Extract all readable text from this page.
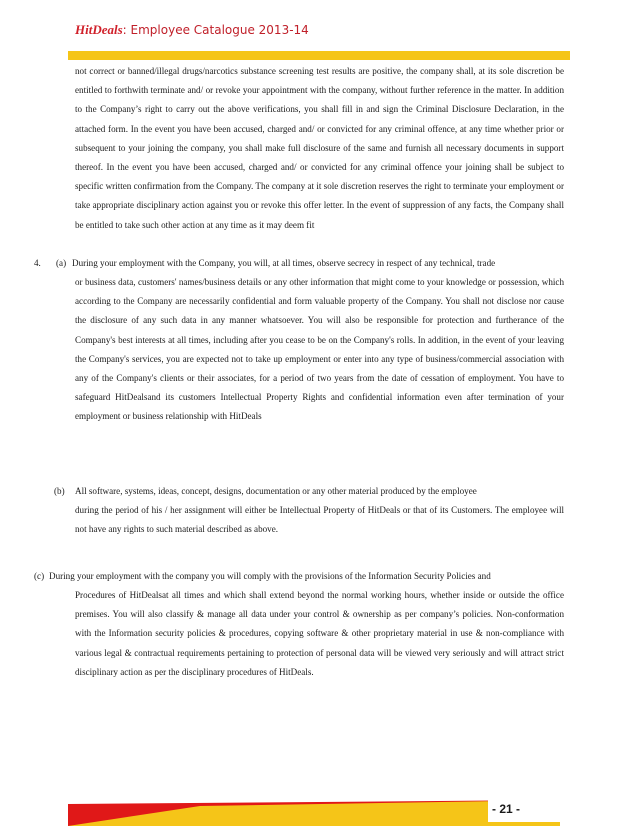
HitDeals: Employee Catalogue 2013-14

not correct or banned/illegal drugs/narcotics substance screening test results are positive, the company shall, at its sole discretion be entitled to forthwith terminate and/ or revoke your appointment with the company, without further reference in the matter. In addition to the Company’s right to carry out the above verifications, you shall fill in and sign the Criminal Disclosure Declaration, in the attached form. In the event you have been accused, charged and/ or convicted for any criminal offence, at any time whether prior or subsequent to your joining the company, you shall make full disclosure of the same and furnish all necessary documents in support thereof. In the event you have been accused, charged and/ or convicted for any criminal offence your joining shall be subject to specific written confirmation from the Company. The company at it sole discretion reserves the right to terminate your employment or take appropriate disciplinary action against you or revoke this offer letter. In the event of suppression of any facts, the Company shall be entitled to take such other action at any time as it may deem fit

4. (a) During your employment with the Company, you will, at all times, observe secrecy in respect of any technical, trade

or business data, customers' names/business details or any other information that might come to your knowledge or possession, which according to the Company are necessarily confidential and form valuable property of the Company. You shall not disclose nor cause the disclosure of any such data in any manner whatsoever. You will also be responsible for protection and furtherance of the Company's best interests at all times, including after you cease to be on the Company's rolls. In addition, in the event of your leaving the Company's services, you are expected not to take up employment or enter into any type of business/commercial association with any of the Company's clients or their associates, for a period of two years from the date of cessation of employment. You have to safeguard HitDealsand its customers Intellectual Property Rights and confidential information even after termination of your employment or business relationship with HitDeals

(b) All software, systems, ideas, concept, designs, documentation or any other material produced by the employee

during the period of his / her assignment will either be Intellectual Property of HitDeals or that of its Customers. The employee will not have any rights to such material described as above.

(c) During your employment with the company you will comply with the provisions of the Information Security Policies and

Procedures of HitDealsat all times and which shall extend beyond the normal working hours, whether inside or outside the office premises. You will also classify & manage all data under your control & ownership as per company’s policies. Non-conformation with the Information security policies & procedures, copying software & other proprietary material in use & non-compliance with various legal & contractual requirements pertaining to protection of personal data will be viewed very seriously and will attract strict disciplinary action as per the disciplinary procedures of HitDeals.

- 21 -
